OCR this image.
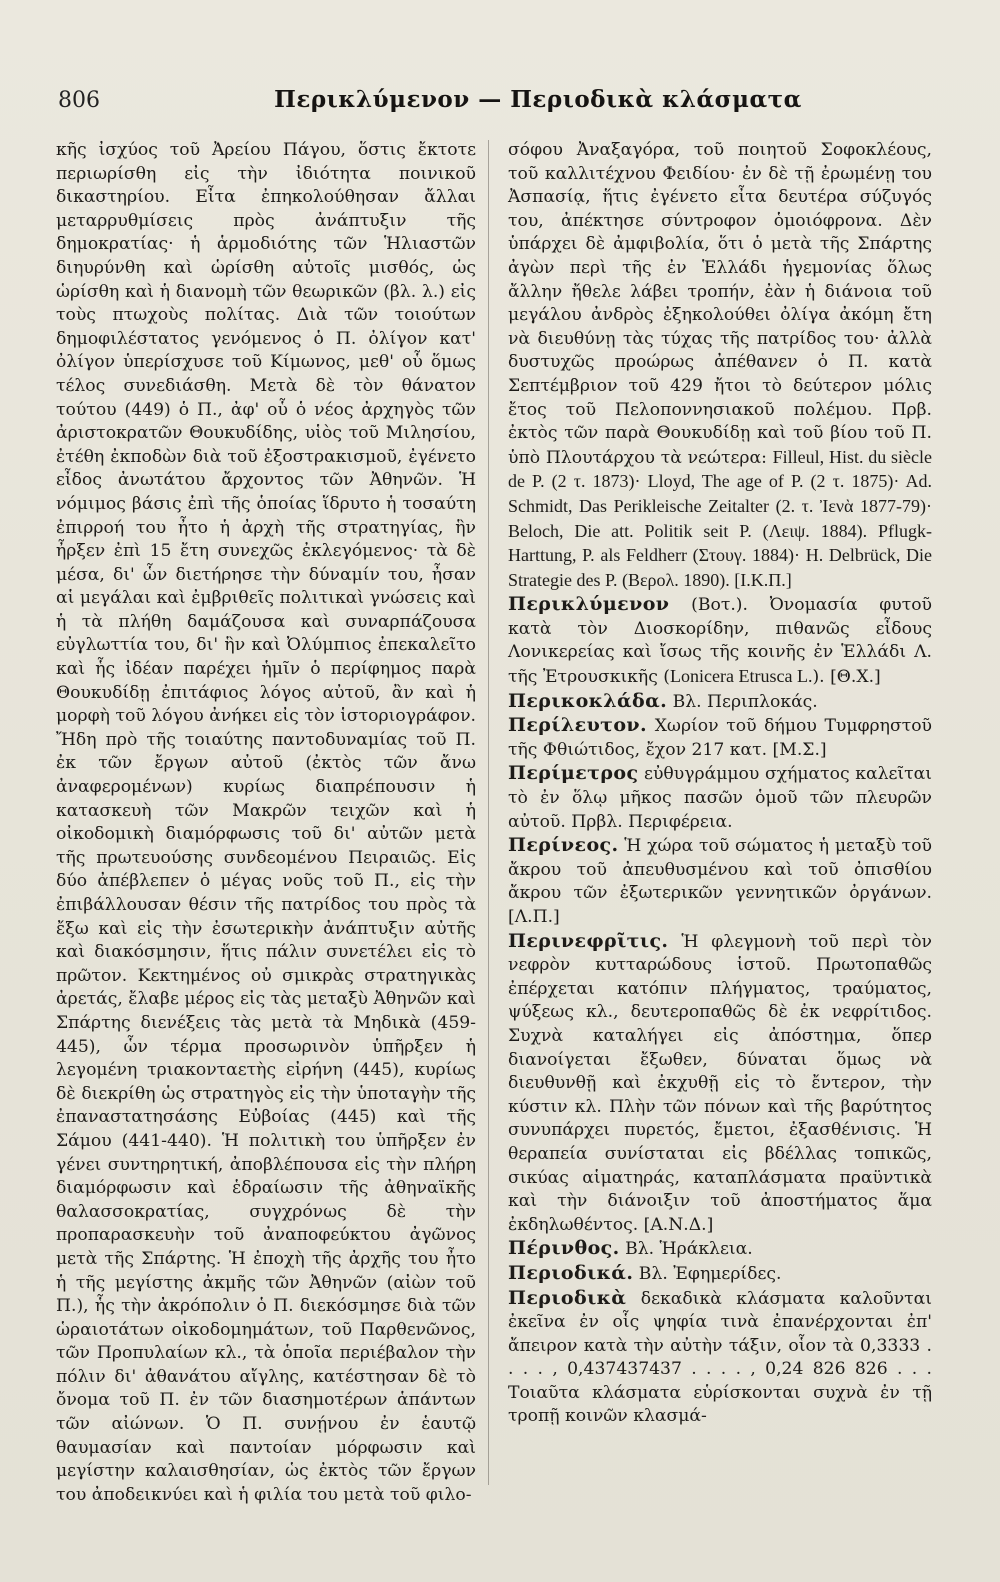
806	Περικλύμενον — Περιοδικὰ κλάσματα

κῆς ἰσχύος τοῦ Ἀρείου Πάγου, ὅστις ἔκτοτε περιωρίσθη εἰς τὴν ἰδιότητα ποινικοῦ δικαστηρίου. Εἶτα ἐπηκολούθησαν ἄλλαι μεταρρυθμίσεις πρὸς ἀνάπτυξιν τῆς δημοκρατίας· ἡ ἁρμοδιότης τῶν Ἡλιαστῶν διηυρύνθη καὶ ὡρίσθη αὐτοῖς μισθός, ὡς ὡρίσθη καὶ ἡ διανομὴ τῶν θεωρικῶν (βλ. λ.) εἰς τοὺς πτωχοὺς πολίτας. Διὰ τῶν τοιούτων δημοφιλέστατος γενόμενος ὁ Π. ὀλίγον κατ' ὀλίγον ὑπερίσχυσε τοῦ Κίμωνος, μεθ' οὗ ὅμως τέλος συνεδιάσθη. Μετὰ δὲ τὸν θάνατον τούτου (449) ὁ Π., ἀφ' οὗ ὁ νέος ἀρχηγὸς τῶν ἀριστοκρατῶν Θουκυδίδης, υἱὸς τοῦ Μιλησίου, ἐτέθη ἐκποδὼν διὰ τοῦ ἐξοστρακισμοῦ, ἐγένετο εἶδος ἀνωτάτου ἄρχοντος τῶν Ἀθηνῶν. Ἡ νόμιμος βάσις ἐπὶ τῆς ὁποίας ἵδρυτο ἡ τοσαύτη ἐπιρροή του ἦτο ἡ ἀρχὴ τῆς στρατηγίας, ἣν ἦρξεν ἐπὶ 15 ἔτη συνεχῶς ἐκλεγόμενος· τὰ δὲ μέσα, δι' ὧν διετήρησε τὴν δύναμίν του, ἦσαν αἱ μεγάλαι καὶ ἐμβριθεῖς πολιτικαὶ γνώσεις καὶ ἡ τὰ πλήθη δαμάζουσα καὶ συναρπάζουσα εὐγλωττία του, δι' ἣν καὶ Ὀλύμπιος ἐπεκαλεῖτο καὶ ἧς ἰδέαν παρέχει ἡμῖν ὁ περίφημος παρὰ Θουκυδίδῃ ἐπιτάφιος λόγος αὐτοῦ, ἂν καὶ ἡ μορφὴ τοῦ λόγου ἀνήκει εἰς τὸν ἱστοριογράφον. Ἤδη πρὸ τῆς τοιαύτης παντοδυναμίας τοῦ Π. ἐκ τῶν ἔργων αὐτοῦ (ἐκτὸς τῶν ἄνω ἀναφερομένων) κυρίως διαπρέπουσιν ἡ κατασκευὴ τῶν Μακρῶν τειχῶν καὶ ἡ οἰκοδομικὴ διαμόρφωσις τοῦ δι' αὐτῶν μετὰ τῆς πρωτευούσης συνδεομένου Πειραιῶς. Εἰς δύο ἀπέβλεπεν ὁ μέγας νοῦς τοῦ Π., εἰς τὴν ἐπιβάλλουσαν θέσιν τῆς πατρίδος του πρὸς τὰ ἔξω καὶ εἰς τὴν ἐσωτερικὴν ἀνάπτυξιν αὐτῆς καὶ διακόσμησιν, ἥτις πάλιν συνετέλει εἰς τὸ πρῶτον. Κεκτημένος οὐ σμικρὰς στρατηγικὰς ἀρετάς, ἔλαβε μέρος εἰς τὰς μεταξὺ Ἀθηνῶν καὶ Σπάρτης διενέξεις τὰς μετὰ τὰ Μηδικὰ (459-445), ὧν τέρμα προσωρινὸν ὑπῆρξεν ἡ λεγομένη τριακονταετὴς εἰρήνη (445), κυρίως δὲ διεκρίθη ὡς στρατηγὸς εἰς τὴν ὑποταγὴν τῆς ἐπαναστατησάσης Εὐβοίας (445) καὶ τῆς Σάμου (441-440). Ἡ πολιτικὴ του ὑπῆρξεν ἐν γένει συντηρητική, ἀποβλέπουσα εἰς τὴν πλήρη διαμόρφωσιν καὶ ἑδραίωσιν τῆς ἀθηναϊκῆς θαλασσοκρατίας, συγχρόνως δὲ τὴν προπαρασκευὴν τοῦ ἀναποφεύκτου ἀγῶνος μετὰ τῆς Σπάρτης. Ἡ ἐποχὴ τῆς ἀρχῆς του ἦτο ἡ τῆς μεγίστης ἀκμῆς τῶν Ἀθηνῶν (αἰὼν τοῦ Π.), ἧς τὴν ἀκρόπολιν ὁ Π. διεκόσμησε διὰ τῶν ὡραιοτάτων οἰκοδομημάτων, τοῦ Παρθενῶνος, τῶν Προπυλαίων κλ., τὰ ὁποῖα περιέβαλον τὴν πόλιν δι' ἀθανάτου αἴγλης, κατέστησαν δὲ τὸ ὄνομα τοῦ Π. ἐν τῶν διασημοτέρων ἁπάντων τῶν αἰώνων. Ὁ Π. συνῄνου ἐν ἑαυτῷ θαυμασίαν καὶ παντοίαν μόρφωσιν καὶ μεγίστην καλαισθησίαν, ὡς ἐκτὸς τῶν ἔργων του ἀποδεικνύει καὶ ἡ φιλία του μετὰ τοῦ φιλο-

σόφου Ἀναξαγόρα, τοῦ ποιητοῦ Σοφοκλέους, τοῦ καλλιτέχνου Φειδίου· ἐν δὲ τῇ ἐρωμένῃ του Ἀσπασίᾳ, ἥτις ἐγένετο εἶτα δευτέρα σύζυγός του, ἀπέκτησε σύντροφον ὁμοιόφρονα. Δὲν ὑπάρχει δὲ ἀμφιβολία, ὅτι ὁ μετὰ τῆς Σπάρτης ἀγὼν περὶ τῆς ἐν Ἑλλάδι ἡγεμονίας ὅλως ἄλλην ἤθελε λάβει τροπήν, ἐὰν ἡ διάνοια τοῦ μεγάλου ἀνδρὸς ἐξηκολούθει ὀλίγα ἀκόμη ἔτη νὰ διευθύνῃ τὰς τύχας τῆς πατρίδος του· ἀλλὰ δυστυχῶς προώρως ἀπέθανεν ὁ Π. κατὰ Σεπτέμβριον τοῦ 429 ἤτοι τὸ δεύτερον μόλις ἔτος τοῦ Πελοποννησιακοῦ πολέμου. Πρβ. ἐκτὸς τῶν παρὰ Θουκυδίδῃ καὶ τοῦ βίου τοῦ Π. ὑπὸ Πλουτάρχου τὰ νεώτερα: Filleul, Hist. du siècle de P. (2 τ. 1873)· Lloyd, The age of P. (2 τ. 1875)· Ad. Schmidt, Das Perikleische Zeitalter (2. τ. Ἰενὰ 1877-79)· Beloch, Die att. Politik seit P. (Λειψ. 1884). Pflugk-Harttung, P. als Feldherr (Στουγ. 1884)· H. Delbrück, Die Strategie des P. (Βερολ. 1890). [Ι.Κ.Π.]

Περικλύμενον (Βοτ.). Ὀνομασία φυτοῦ κατὰ τὸν Διοσκορίδην, πιθανῶς εἶδους Λονικερείας καὶ ἴσως τῆς κοινῆς ἐν Ἑλλάδι Λ. τῆς Ἐτρουσκικῆς (Lonicera Etrusca L.). [Θ.Χ.]

Περικοκλάδα. Βλ. Περιπλοκάς.

Περίλευτον. Χωρίον τοῦ δήμου Τυμφρηστοῦ τῆς Φθιώτιδος, ἔχον 217 κατ. [Μ.Σ.]

Περίμετρος εὐθυγράμμου σχήματος καλεῖται τὸ ἐν ὅλῳ μῆκος πασῶν ὁμοῦ τῶν πλευρῶν αὐτοῦ. Πρβλ. Περιφέρεια.

Περίνεος. Ἡ χώρα τοῦ σώματος ἡ μεταξὺ τοῦ ἄκρου τοῦ ἀπευθυσμένου καὶ τοῦ ὀπισθίου ἄκρου τῶν ἐξωτερικῶν γεννητικῶν ὀργάνων. [Λ.Π.]

Περινεφρῖτις. Ἡ φλεγμονὴ τοῦ περὶ τὸν νεφρὸν κυτταρώδους ἱστοῦ. Πρωτοπαθῶς ἐπέρχεται κατόπιν πλήγματος, τραύματος, ψύξεως κλ., δευτεροπαθῶς δὲ ἐκ νεφρίτιδος. Συχνὰ καταλήγει εἰς ἀπόστημα, ὅπερ διανοίγεται ἔξωθεν, δύναται ὅμως νὰ διευθυνθῇ καὶ ἐκχυθῇ εἰς τὸ ἔντερον, τὴν κύστιν κλ. Πλὴν τῶν πόνων καὶ τῆς βαρύτητος συνυπάρχει πυρετός, ἔμετοι, ἐξασθένισις. Ἡ θεραπεία συνίσταται εἰς βδέλλας τοπικῶς, σικύας αἱματηράς, καταπλάσματα πραϋντικὰ καὶ τὴν διάνοιξιν τοῦ ἀποστήματος ἅμα ἐκδηλωθέντος. [Α.Ν.Δ.]

Πέρινθος. Βλ. Ἡράκλεια.

Περιοδικά. Βλ. Ἐφημερίδες.

Περιοδικὰ δεκαδικὰ κλάσματα καλοῦνται ἐκεῖνα ἐν οἷς ψηφία τινὰ ἐπανέρχονται ἐπ' ἄπειρον κατὰ τὴν αὐτὴν τάξιν, οἷον τὰ 0,3333 . . . . , 0,437437437 . . . . , 0,24 826 826 . . . Τοιαῦτα κλάσματα εὑρίσκονται συχνὰ ἐν τῇ τροπῇ κοινῶν κλασμά-
